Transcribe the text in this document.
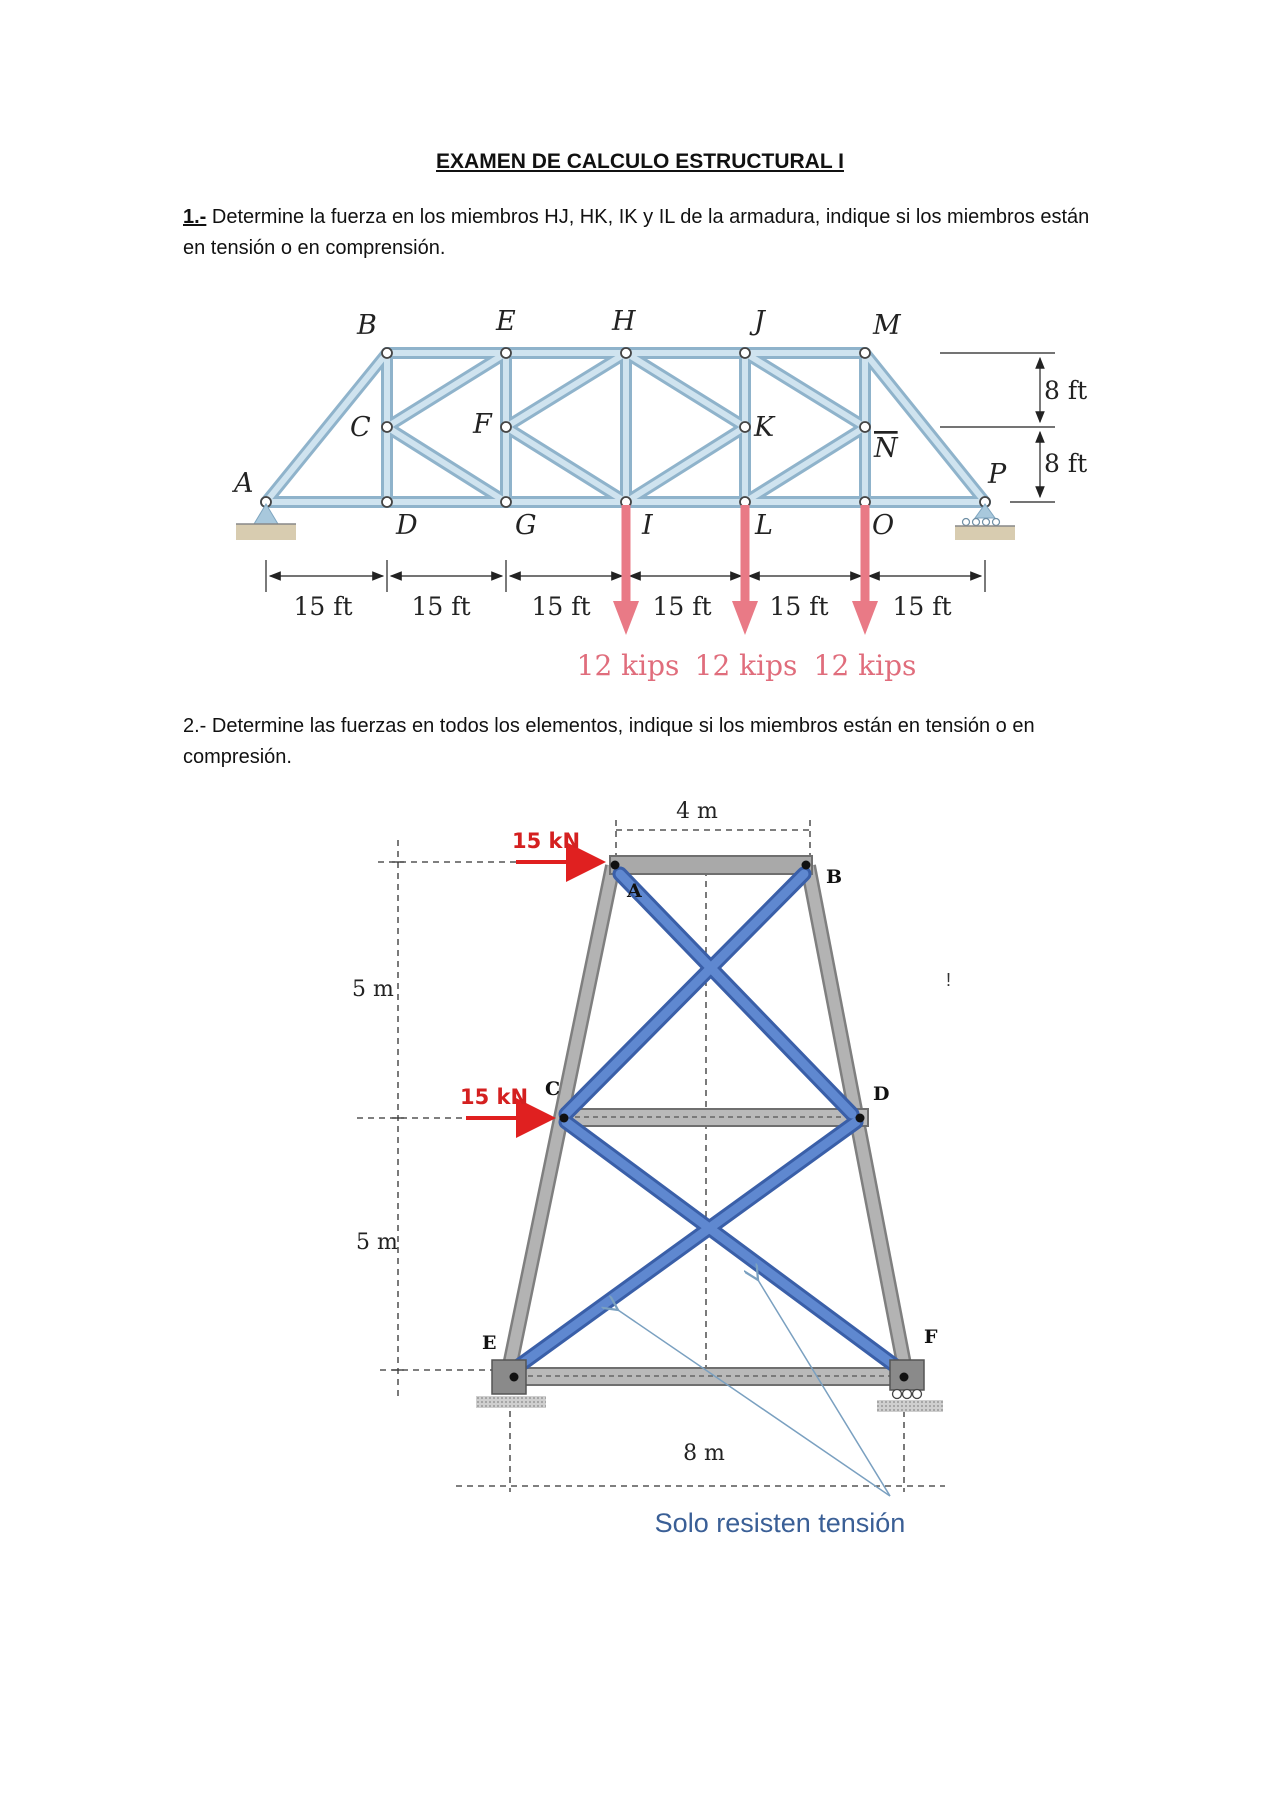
EXAMEN DE CALCULO ESTRUCTURAL I
1.- Determine la fuerza en los miembros HJ, HK, IK y IL de la armadura, indique si los miembros están en tensión o en comprensión.
A
B
C
D
E
F
G
H
I
J
K
L
M
N
O
P
15 ft 15 ft 15 ft 15 ft 15 ft	15 ft
8 ft
8 ft
12 kips 12 kips 12 kips
2.- Determine las fuerzas en todos los elementos, indique si los miembros están en tensión o en compresión.
4 m
5 m
5 m
8 m
A
B
C	D
E	F
15 kN
15 kN
Solo resisten tensión
!
